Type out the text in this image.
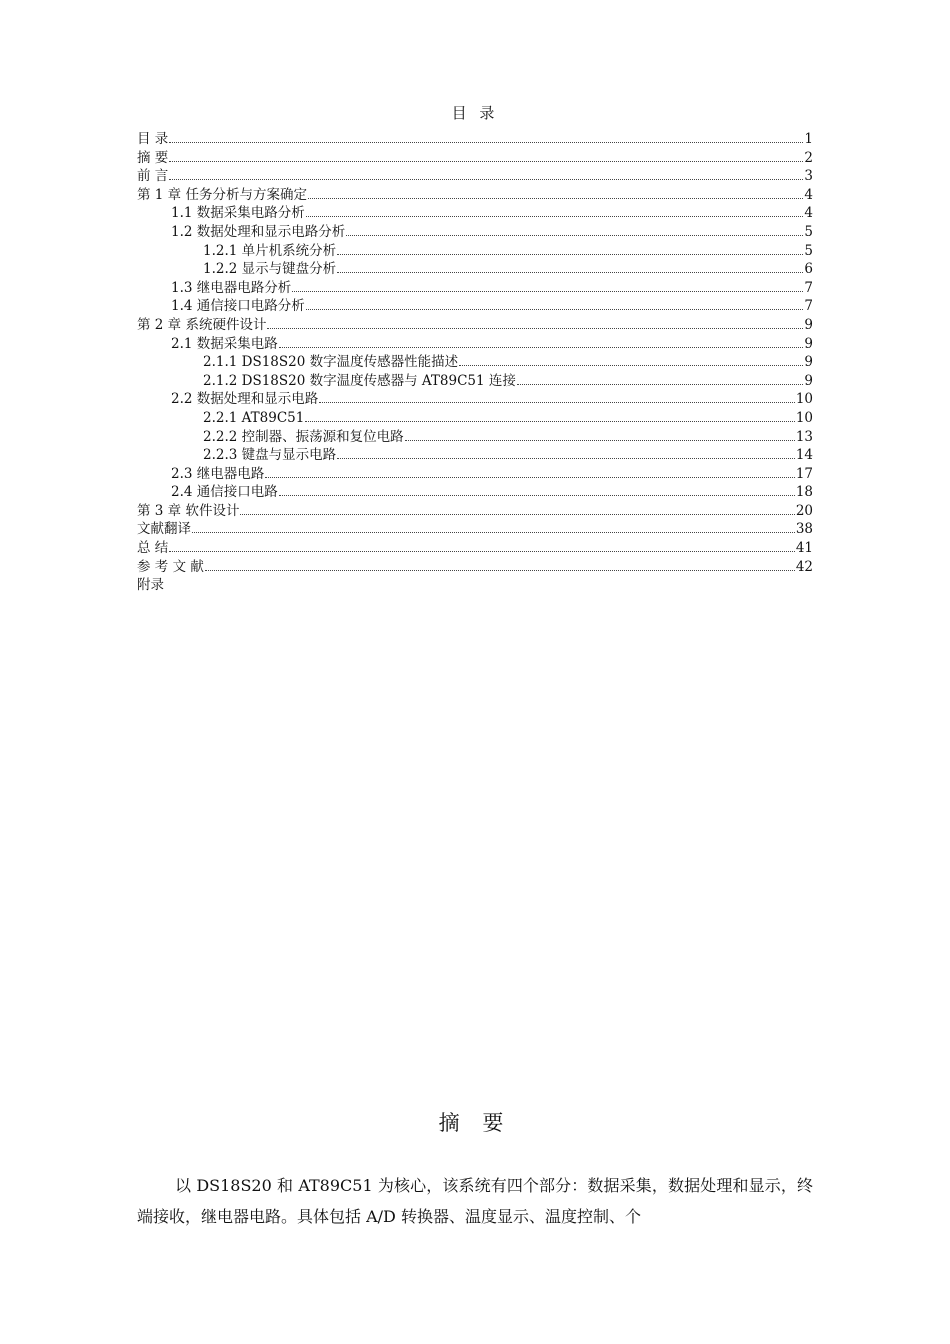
目 录
目 录	1
摘 要	2
前 言	3
第 1 章 任务分析与方案确定	4
1.1 数据采集电路分析	4
1.2 数据处理和显示电路分析	5
1.2.1 单片机系统分析	5
1.2.2 显示与键盘分析	6
1.3 继电器电路分析	7
1.4 通信接口电路分析	7
第 2 章 系统硬件设计	9
2.1 数据采集电路	9
2.1.1 DS18S20 数字温度传感器性能描述	9
2.1.2 DS18S20 数字温度传感器与 AT89C51 连接	9
2.2 数据处理和显示电路	10
2.2.1 AT89C51	10
2.2.2 控制器、振荡源和复位电路	13
2.2.3 键盘与显示电路	14
2.3 继电器电路	17
2.4 通信接口电路	18
第 3 章 软件设计	20
文献翻译	38
总 结	41
参 考 文 献	42
附录
摘 要
以 DS18S20 和 AT89C51 为核心，该系统有四个部分：数据采集，数据处理和显示，终端接收，继电器电路。具体包括 A/D 转换器、温度显示、温度控制、个
